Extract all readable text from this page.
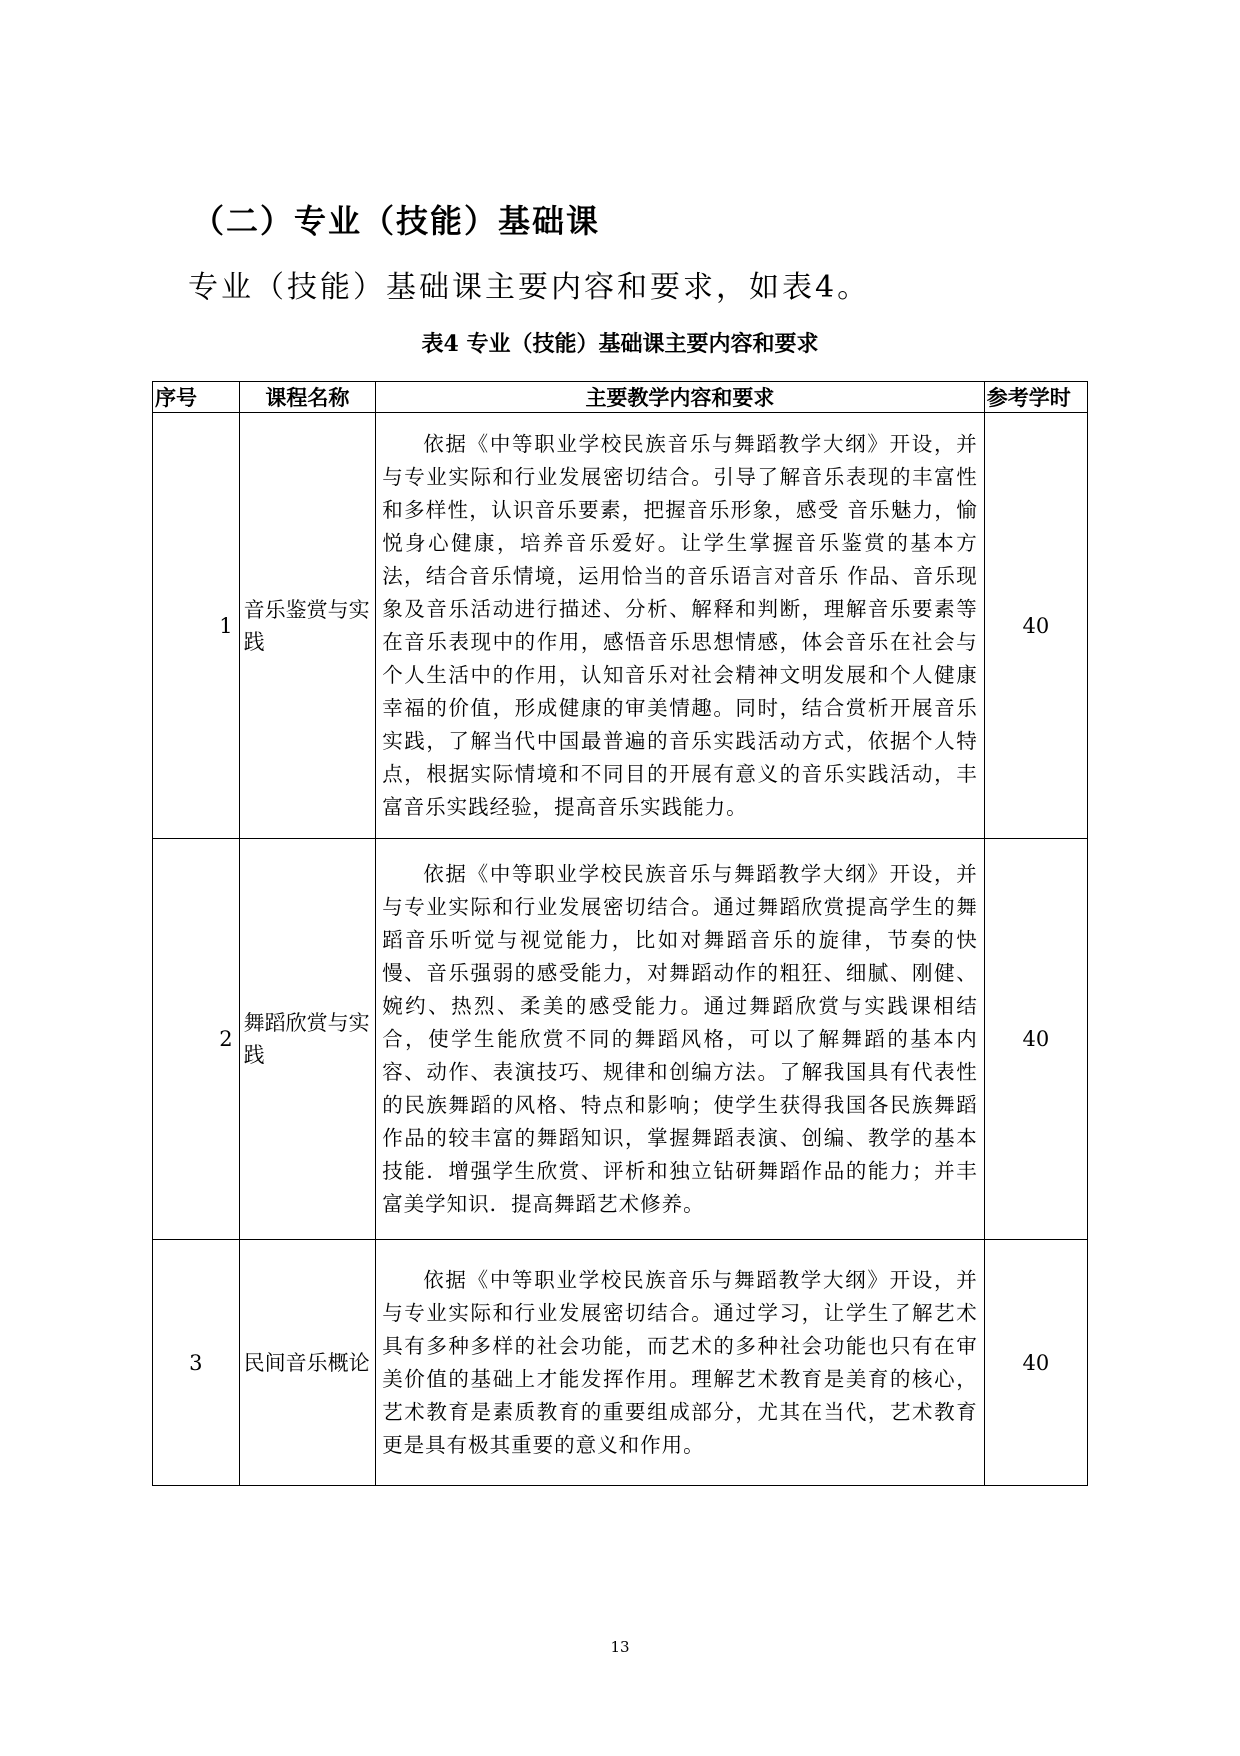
（二）专业（技能）基础课

专业（技能）基础课主要内容和要求，如表4。

表4 专业（技能）基础课主要内容和要求

序号	课程名称	主要教学内容和要求	参考学时
1	音乐鉴赏与实践	依据《中等职业学校民族音乐与舞蹈教学大纲》开设，并与专业实际和行业发展密切结合。引导了解音乐表现的丰富性和多样性，认识音乐要素，把握音乐形象，感受 音乐魅力，愉悦身心健康，培养音乐爱好。让学生掌握音乐鉴赏的基本方法，结合音乐情境，运用恰当的音乐语言对音乐 作品、音乐现象及音乐活动进行描述、分析、解释和判断，理解音乐要素等在音乐表现中的作用，感悟音乐思想情感，体会音乐在社会与个人生活中的作用，认知音乐对社会精神文明发展和个人健康幸福的价值，形成健康的审美情趣。同时，结合赏析开展音乐实践，了解当代中国最普遍的音乐实践活动方式，依据个人特点，根据实际情境和不同目的开展有意义的音乐实践活动，丰富音乐实践经验，提高音乐实践能力。	40
2	舞蹈欣赏与实践	依据《中等职业学校民族音乐与舞蹈教学大纲》开设，并与专业实际和行业发展密切结合。通过舞蹈欣赏提高学生的舞蹈音乐听觉与视觉能力，比如对舞蹈音乐的旋律，节奏的快慢、音乐强弱的感受能力，对舞蹈动作的粗狂、细腻、刚健、婉约、热烈、柔美的感受能力。通过舞蹈欣赏与实践课相结合，使学生能欣赏不同的舞蹈风格，可以了解舞蹈的基本内容、动作、表演技巧、规律和创编方法。了解我国具有代表性的民族舞蹈的风格、特点和影响；使学生获得我国各民族舞蹈作品的较丰富的舞蹈知识，掌握舞蹈表演、创编、教学的基本技能．增强学生欣赏、评析和独立钻研舞蹈作品的能力；并丰富美学知识．提高舞蹈艺术修养。	40
3	民间音乐概论	依据《中等职业学校民族音乐与舞蹈教学大纲》开设，并与专业实际和行业发展密切结合。通过学习，让学生了解艺术具有多种多样的社会功能，而艺术的多种社会功能也只有在审美价值的基础上才能发挥作用。理解艺术教育是美育的核心，艺术教育是素质教育的重要组成部分，尤其在当代，艺术教育更是具有极其重要的意义和作用。	40

13
